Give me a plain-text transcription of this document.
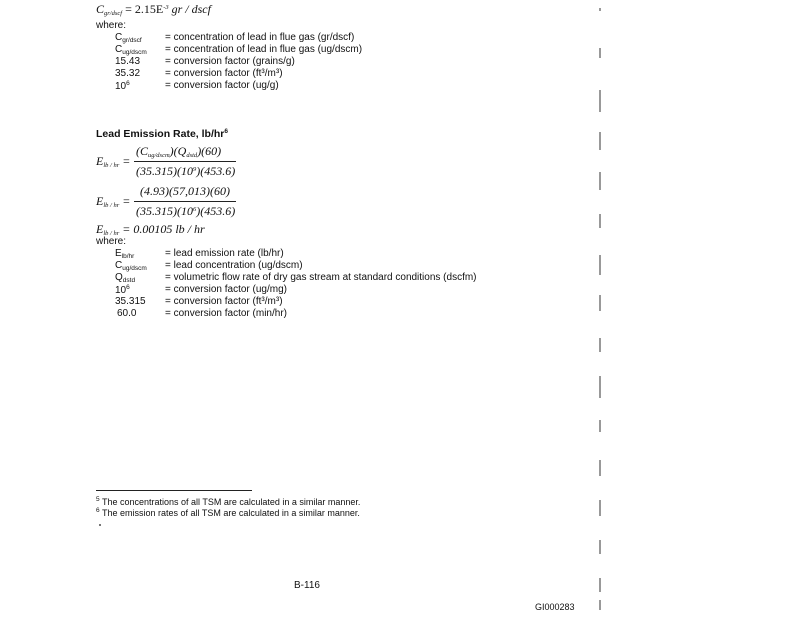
$C_{gr/dscf} = 2.15E^{-3}$ gr / dscf
where:
$C_{gr/dscf}$ = concentration of lead in flue gas (gr/dscf)
$C_{ug/dscm}$ = concentration of lead in flue gas (ug/dscm)
15.43 = conversion factor (grains/g)
35.32 = conversion factor (ft³/m³)
$10^6$	= conversion factor (ug/g)
Lead Emission Rate, $lb/hr^6$
$E_{lb / hr}$ =
$(C_{ug/dscm})(Q_{dstd})(60)$
$(35.315)(10^9)(453.6)$
$E_{lb / hr}$ =
(4.93)(57,013)(60)
$(35.315)(10^6)(453.6)$
$E_{lb / hr} = 0.00105$ lb / hr
where:
$E_{lb/hr}$	= lead emission rate (lb/hr)
$C_{ug/dscm}$ = lead concentration (ug/dscm)
$Q_{dstd}$	= volumetric flow rate of dry gas stream at standard conditions (dscfm)
$10^6$	= conversion factor (ug/mg)
35.315 = conversion factor (ft³/m³)
60.0	= conversion factor (min/hr)
$^5$ The concentrations of all TSM are calculated in a similar manner.
$^6$ The emission rates of all TSM are calculated in a similar manner.
B-116
GI000283
